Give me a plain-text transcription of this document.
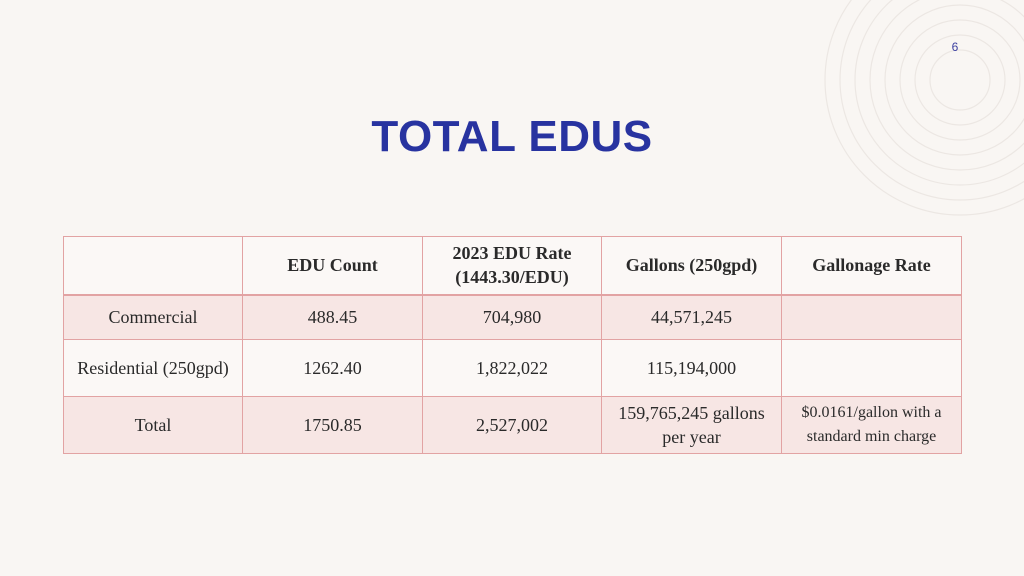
6
TOTAL EDUS
	EDU Count	2023 EDU Rate (1443.30/EDU)	Gallons (250gpd)	Gallonage Rate
Commercial	488.45	704,980	44,571,245	
Residential (250gpd)	1262.40	1,822,022	115,194,000	
Total	1750.85	2,527,002	159,765,245 gallons per year	$0.0161/gallon with a standard min charge
